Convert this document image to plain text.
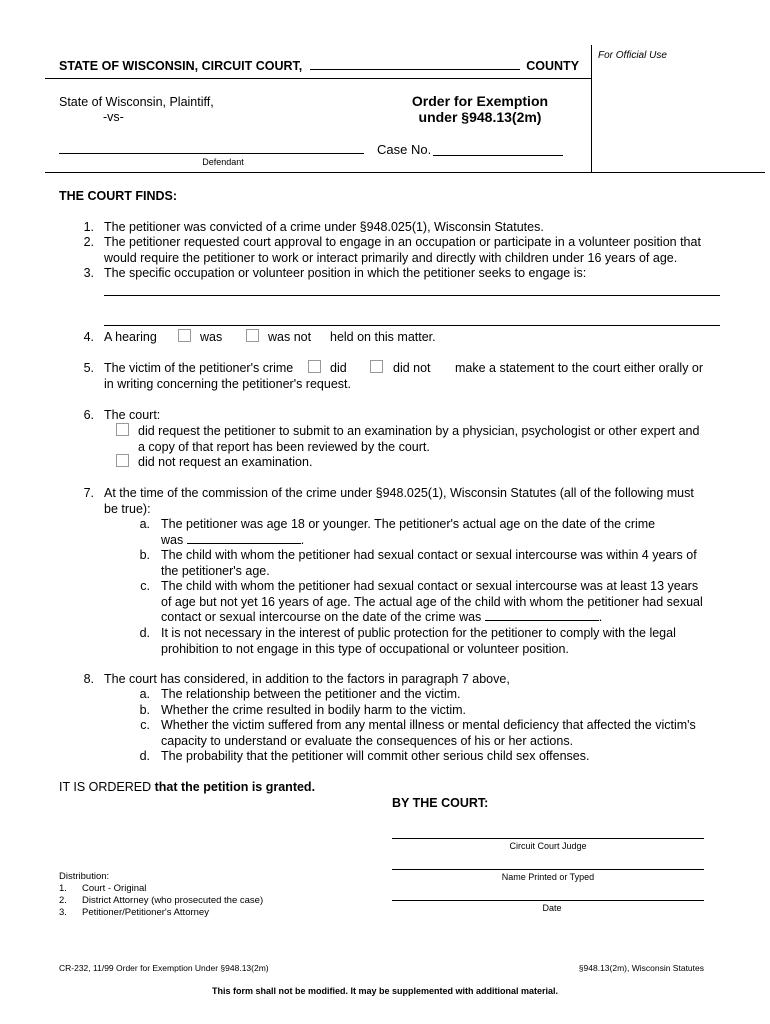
STATE OF WISCONSIN, CIRCUIT COURT,	COUNTY
For Official Use
State of Wisconsin, Plaintiff,
-vs-
Order for Exemption
under §948.13(2m)
Defendant
Case No.
THE COURT FINDS:
1. The petitioner was convicted of a crime under §948.025(1), Wisconsin Statutes.
2. The petitioner requested court approval to engage in an occupation or participate in a volunteer position that
would require the petitioner to work or interact primarily and directly with children under 16 years of age.
3. The specific occupation or volunteer position in which the petitioner seeks to engage is:
4. A hearing	was	was not held on this matter.
5. The victim of the petitioner's crime	did	did not make a statement to the court either orally or
in writing concerning the petitioner's request.
6. The court:
did request the petitioner to submit to an examination by a physician, psychologist or other expert and
a copy of that report has been reviewed by the court.
did not request an examination.
7. At the time of the commission of the crime under §948.025(1), Wisconsin Statutes (all of the following must
be true):
a. The petitioner was age 18 or younger. The petitioner's actual age on the date of the crime
was	.
b. The child with whom the petitioner had sexual contact or sexual intercourse was within 4 years of
the petitioner's age.
c. The child with whom the petitioner had sexual contact or sexual intercourse was at least 13 years
of age but not yet 16 years of age. The actual age of the child with whom the petitioner had sexual
contact or sexual intercourse on the date of the crime was	.
d. It is not necessary in the interest of public protection for the petitioner to comply with the legal
prohibition to not engage in this type of occupational or volunteer position.
8. The court has considered, in addition to the factors in paragraph 7 above,
a. The relationship between the petitioner and the victim.
b. Whether the crime resulted in bodily harm to the victim.
c. Whether the victim suffered from any mental illness or mental deficiency that affected the victim's
capacity to understand or evaluate the consequences of his or her actions.
d. The probability that the petitioner will commit other serious child sex offenses.
IT IS ORDERED that the petition is granted.
BY THE COURT:
Circuit Court Judge
Name Printed or Typed
Date
Distribution:
1. Court - Original
2. District Attorney (who prosecuted the case)
3. Petitioner/Petitioner's Attorney
CR-232, 11/99 Order for Exemption Under §948.13(2m)	§948.13(2m), Wisconsin Statutes
This form shall not be modified. It may be supplemented with additional material.
